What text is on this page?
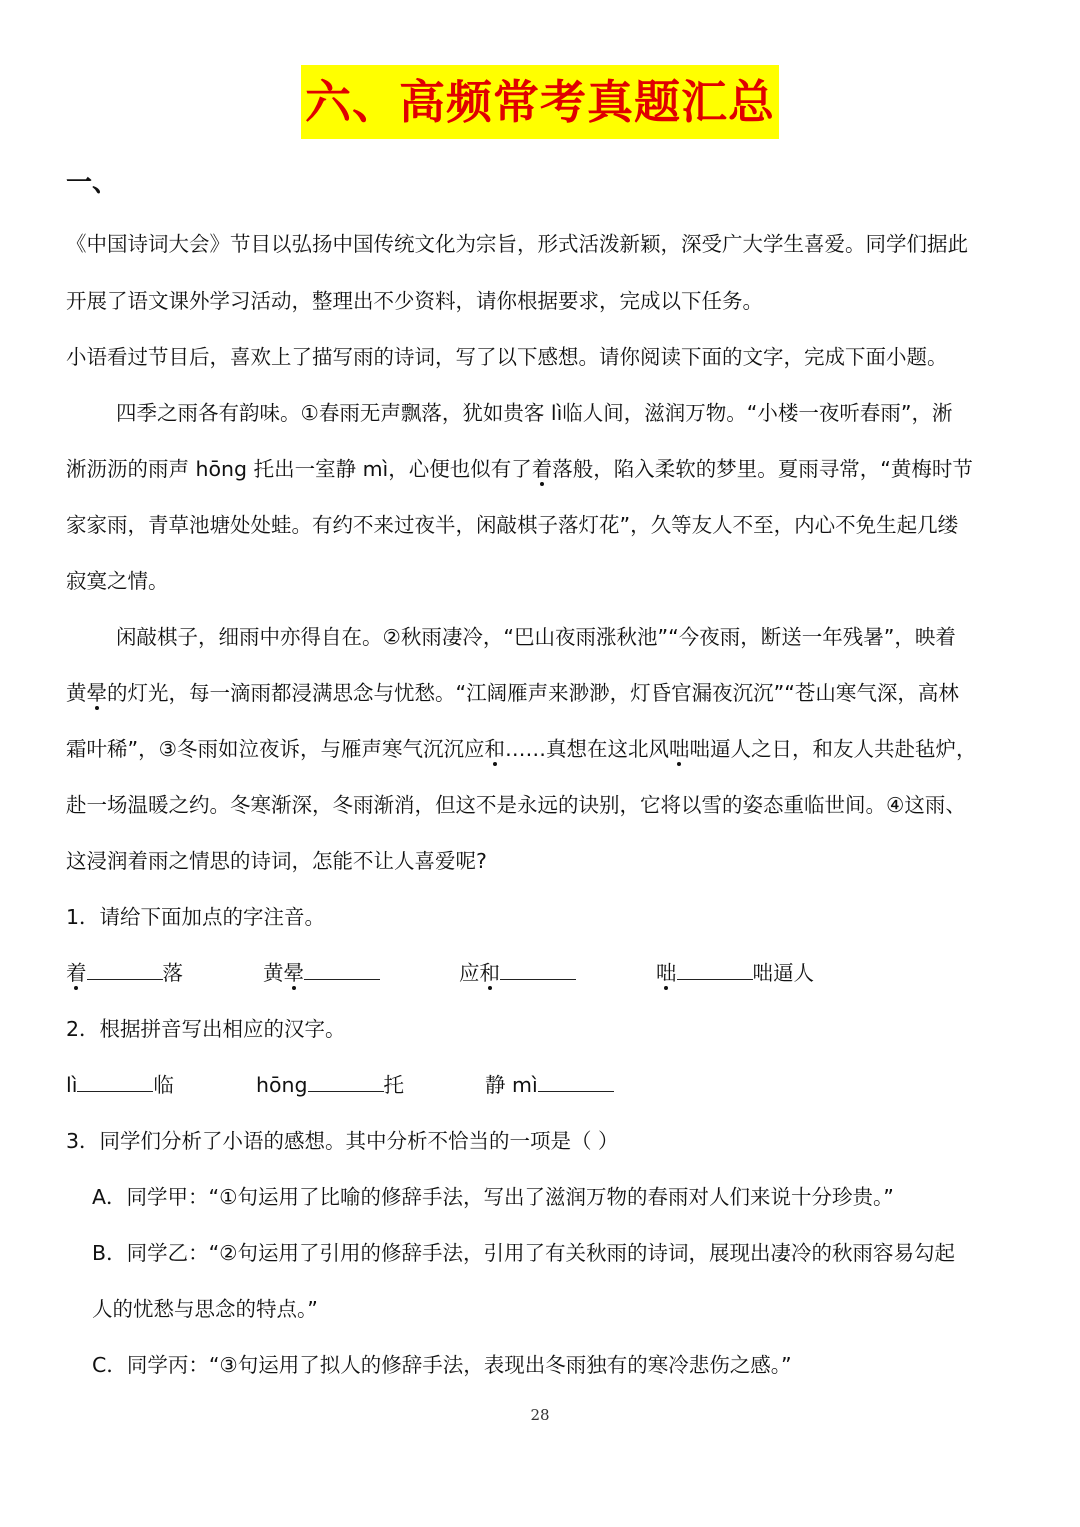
六、高频常考真题汇总
一、
《中国诗词大会》节目以弘扬中国传统文化为宗旨，形式活泼新颖，深受广大学生喜爱。同学们据此
开展了语文课外学习活动，整理出不少资料，请你根据要求，完成以下任务。
小语看过节目后，喜欢上了描写雨的诗词，写了以下感想。请你阅读下面的文字，完成下面小题。
四季之雨各有韵味。①春雨无声飘落，犹如贵客 lì临人间，滋润万物。“小楼一夜听春雨”，淅
淅沥沥的雨声 hōng 托出一室静 mì，心便也似有了着落般，陷入柔软的梦里。夏雨寻常，“黄梅时节
家家雨，青草池塘处处蛙。有约不来过夜半，闲敲棋子落灯花”，久等友人不至，内心不免生起几缕
寂寞之情。
闲敲棋子，细雨中亦得自在。②秋雨凄冷，“巴山夜雨涨秋池”“今夜雨，断送一年残暑”，映着
黄晕的灯光，每一滴雨都浸满思念与忧愁。“江阔雁声来渺渺，灯昏官漏夜沉沉”“苍山寒气深，高林
霜叶稀”，③冬雨如泣夜诉，与雁声寒气沉沉应和……真想在这北风咄咄逼人之日，和友人共赴毡炉，
赴一场温暖之约。冬寒渐深，冬雨渐消，但这不是永远的诀别，它将以雪的姿态重临世间。④这雨、
这浸润着雨之情思的诗词，怎能不让人喜爱呢?
1．请给下面加点的字注音。
着	落	黄晕	应和	咄	咄逼人
2．根据拼音写出相应的汉字。
lì	临	hōng	托	静 mì
3．同学们分析了小语的感想。其中分析不恰当的一项是（ ）
A．同学甲：“①句运用了比喻的修辞手法，写出了滋润万物的春雨对人们来说十分珍贵。”
B．同学乙：“②句运用了引用的修辞手法，引用了有关秋雨的诗词，展现出凄冷的秋雨容易勾起
人的忧愁与思念的特点。”
C．同学丙：“③句运用了拟人的修辞手法，表现出冬雨独有的寒冷悲伤之感。”
28
